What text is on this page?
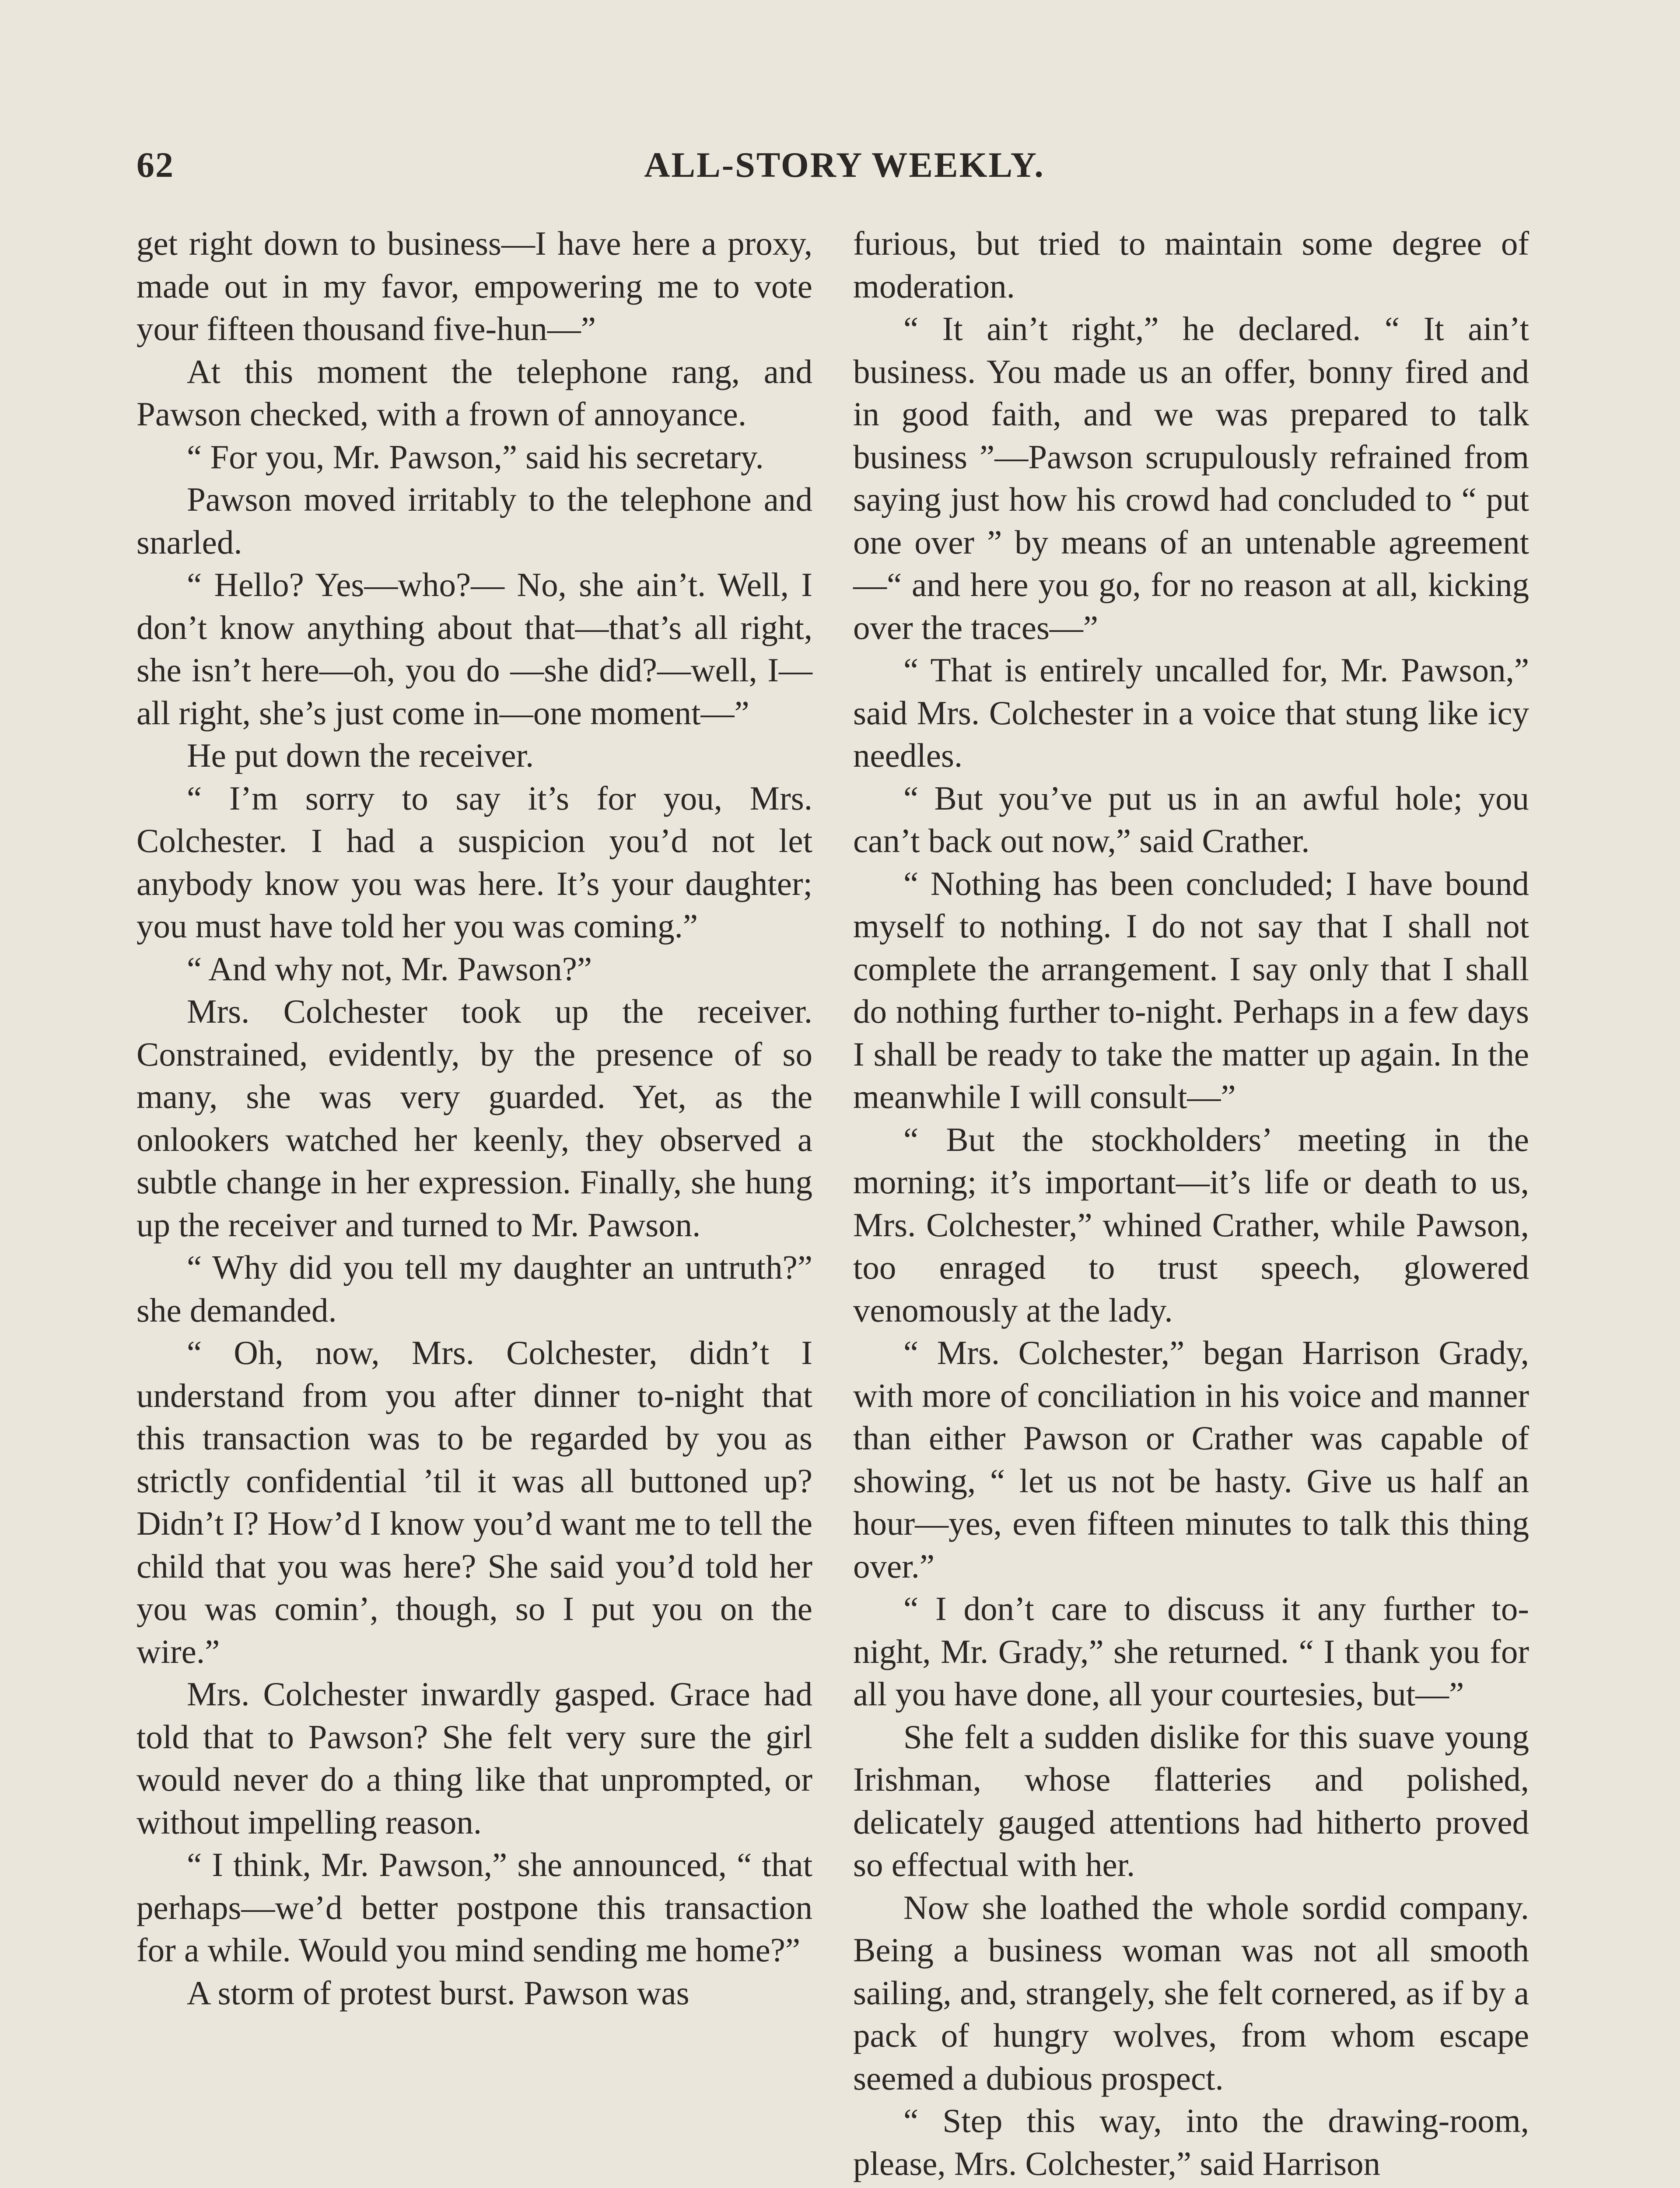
62	ALL-STORY WEEKLY.

get right down to business—I have here a proxy, made out in my favor, empowering me to vote your fifteen thousand five-hun—”

At this moment the telephone rang, and Pawson checked, with a frown of annoyance.

“ For you, Mr. Pawson,” said his secretary.

Pawson moved irritably to the telephone and snarled.

“ Hello? Yes—who?— No, she ain’t. Well, I don’t know anything about that—that’s all right, she isn’t here—oh, you do —she did?—well, I—all right, she’s just come in—one moment—”

He put down the receiver.

“ I’m sorry to say it’s for you, Mrs. Colchester. I had a suspicion you’d not let anybody know you was here. It’s your daughter; you must have told her you was coming.”

“ And why not, Mr. Pawson?”

Mrs. Colchester took up the receiver. Constrained, evidently, by the presence of so many, she was very guarded. Yet, as the onlookers watched her keenly, they observed a subtle change in her expression. Finally, she hung up the receiver and turned to Mr. Pawson.

“ Why did you tell my daughter an untruth?” she demanded.

“ Oh, now, Mrs. Colchester, didn’t I understand from you after dinner to-night that this transaction was to be regarded by you as strictly confidential ’til it was all buttoned up? Didn’t I? How’d I know you’d want me to tell the child that you was here? She said you’d told her you was comin’, though, so I put you on the wire.”

Mrs. Colchester inwardly gasped. Grace had told that to Pawson? She felt very sure the girl would never do a thing like that unprompted, or without impelling reason.

“ I think, Mr. Pawson,” she announced, “ that perhaps—we’d better postpone this transaction for a while. Would you mind sending me home?”

A storm of protest burst. Pawson was

furious, but tried to maintain some degree of moderation.

“ It ain’t right,” he declared. “ It ain’t business. You made us an offer, bonny fired and in good faith, and we was prepared to talk business ”—Pawson scrupulously refrained from saying just how his crowd had concluded to “ put one over ” by means of an untenable agreement—“ and here you go, for no reason at all, kicking over the traces—”

“ That is entirely uncalled for, Mr. Pawson,” said Mrs. Colchester in a voice that stung like icy needles.

“ But you’ve put us in an awful hole; you can’t back out now,” said Crather.

“ Nothing has been concluded; I have bound myself to nothing. I do not say that I shall not complete the arrangement. I say only that I shall do nothing further to-night. Perhaps in a few days I shall be ready to take the matter up again. In the meanwhile I will consult—”

“ But the stockholders’ meeting in the morning; it’s important—it’s life or death to us, Mrs. Colchester,” whined Crather, while Pawson, too enraged to trust speech, glowered venomously at the lady.

“ Mrs. Colchester,” began Harrison Grady, with more of conciliation in his voice and manner than either Pawson or Crather was capable of showing, “ let us not be hasty. Give us half an hour—yes, even fifteen minutes to talk this thing over.”

“ I don’t care to discuss it any further to-night, Mr. Grady,” she returned. “ I thank you for all you have done, all your courtesies, but—”

She felt a sudden dislike for this suave young Irishman, whose flatteries and polished, delicately gauged attentions had hitherto proved so effectual with her.

Now she loathed the whole sordid company. Being a business woman was not all smooth sailing, and, strangely, she felt cornered, as if by a pack of hungry wolves, from whom escape seemed a dubious prospect.

“ Step this way, into the drawing-room, please, Mrs. Colchester,” said Harrison
